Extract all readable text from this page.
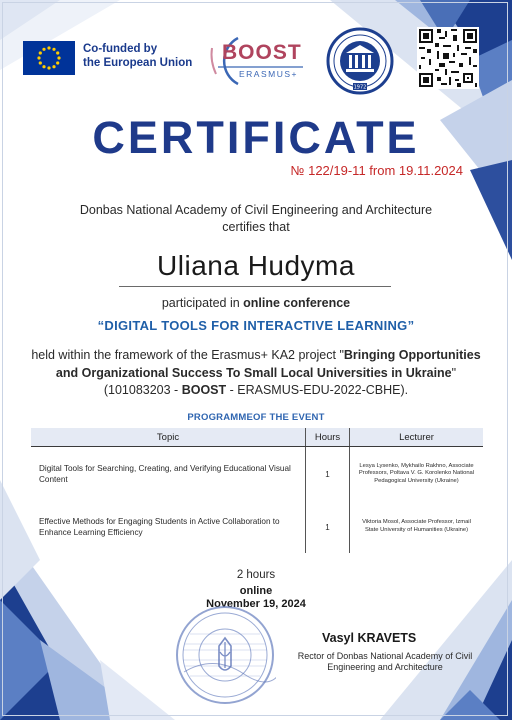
Co-funded by
the European Union BOOST
ERASMUS+
1972
CERTIFICATE
№ 122/19-11 from 19.11.2024
Donbas National Academy of Civil Engineering and Architecture
certifies that
Uliana Hudyma
participated in online conference
“DIGITAL TOOLS FOR INTERACTIVE LEARNING”
held within the framework of the Erasmus+ KA2 project "Bringing Opportunities and Organizational Success To Small Local Universities in Ukraine" (101083203 - BOOST - ERASMUS-EDU-2022-CBHE).
PROGRAMMEOF THE EVENT
Topic	Hours	Lecturer
Digital Tools for Searching, Creating, and Verifying Educational Visual Content	1	Lesya Lysenko, Mykhailo Rakhno, Associate Professors, Poltava V. G. Korolenko National Pedagogical University (Ukraine)
Effective Methods for Engaging Students in Active Collaboration to Enhance Learning Efficiency	1	Viktoria Mosol, Associate Professor, Izmail State University of Humanities (Ukraine)
2 hours
online
November 19, 2024
Vasyl KRAVETS
Rector of Donbas National Academy of Civil Engineering and Architecture
